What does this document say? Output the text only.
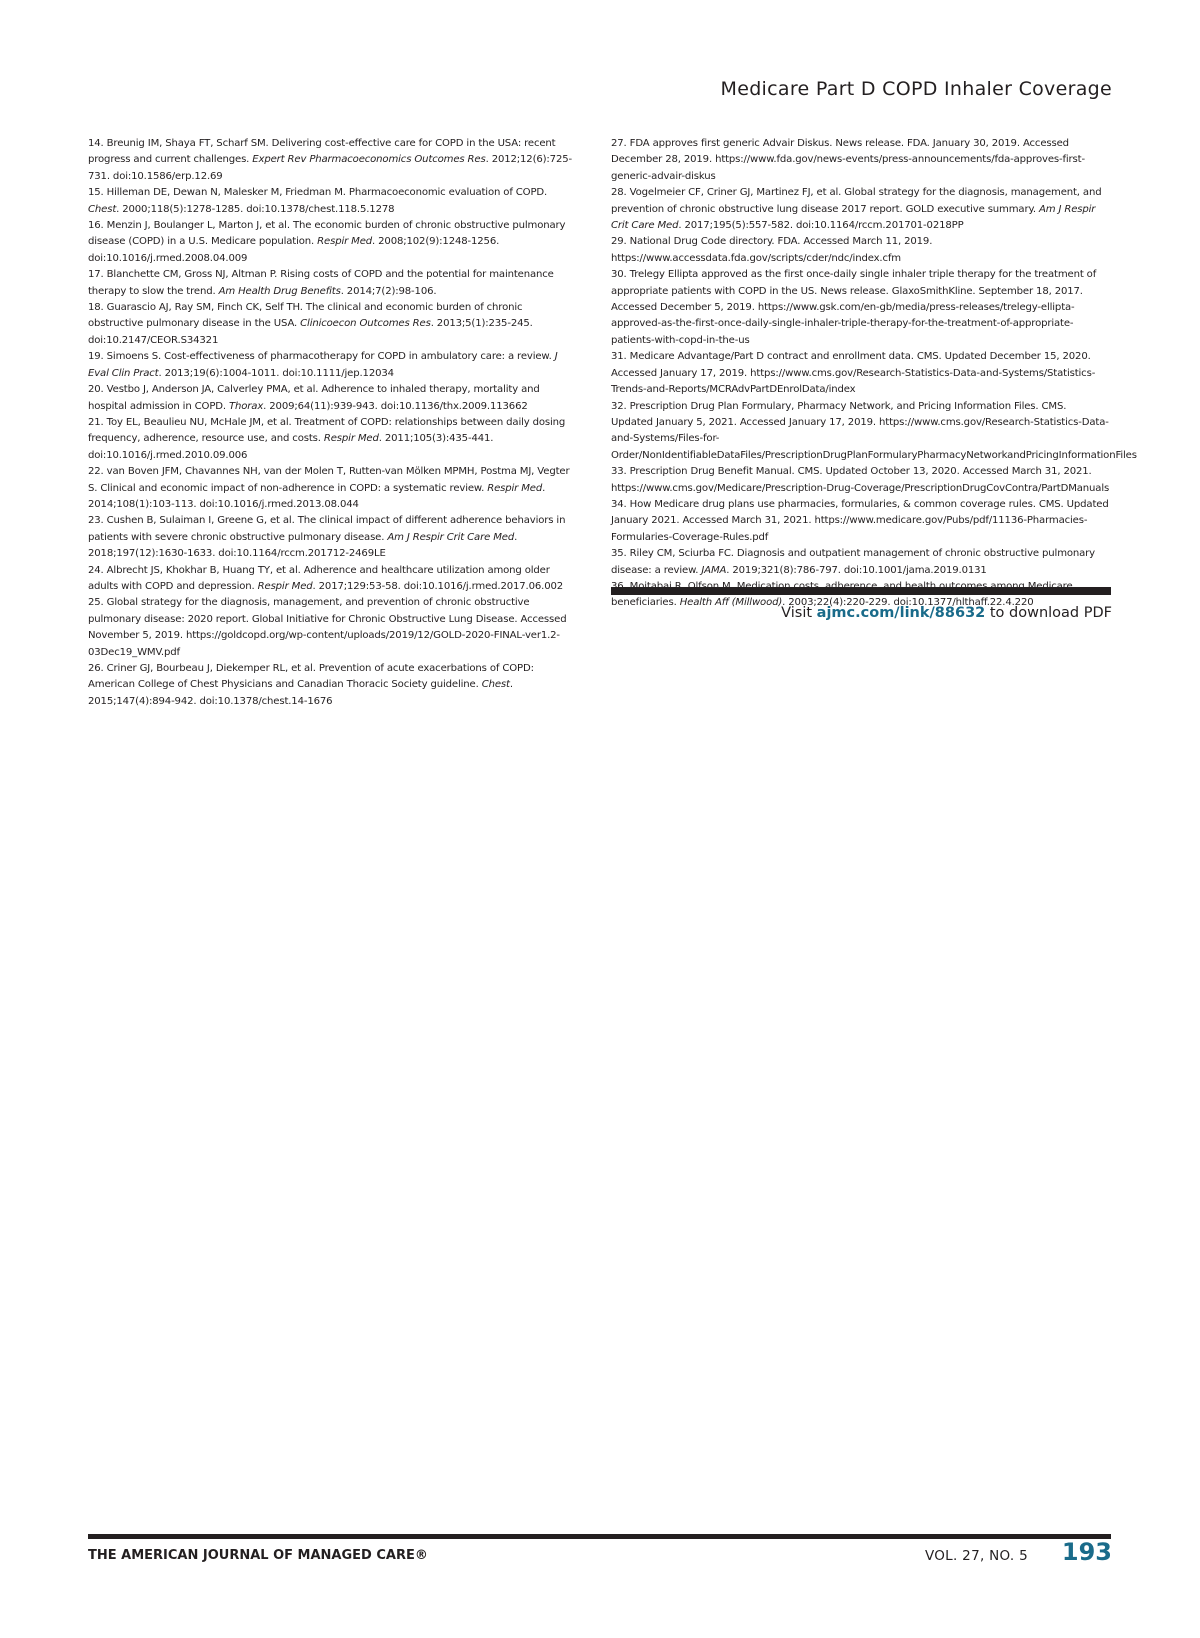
Medicare Part D COPD Inhaler Coverage

14. Breunig IM, Shaya FT, Scharf SM. Delivering cost-effective care for COPD in the USA: recent progress and current challenges. Expert Rev Pharmacoeconomics Outcomes Res. 2012;12(6):725-731. doi:10.1586/erp.12.69

15. Hilleman DE, Dewan N, Malesker M, Friedman M. Pharmacoeconomic evaluation of COPD. Chest. 2000;118(5):1278-1285. doi:10.1378/chest.118.5.1278

16. Menzin J, Boulanger L, Marton J, et al. The economic burden of chronic obstructive pulmonary disease (COPD) in a U.S. Medicare population. Respir Med. 2008;102(9):1248-1256. doi:10.1016/j.rmed.2008.04.009

17. Blanchette CM, Gross NJ, Altman P. Rising costs of COPD and the potential for maintenance therapy to slow the trend. Am Health Drug Benefits. 2014;7(2):98-106.

18. Guarascio AJ, Ray SM, Finch CK, Self TH. The clinical and economic burden of chronic obstructive pulmonary disease in the USA. Clinicoecon Outcomes Res. 2013;5(1):235-245. doi:10.2147/CEOR.S34321

19. Simoens S. Cost-effectiveness of pharmacotherapy for COPD in ambulatory care: a review. J Eval Clin Pract. 2013;19(6):1004-1011. doi:10.1111/jep.12034

20. Vestbo J, Anderson JA, Calverley PMA, et al. Adherence to inhaled therapy, mortality and hospital admission in COPD. Thorax. 2009;64(11):939-943. doi:10.1136/thx.2009.113662

21. Toy EL, Beaulieu NU, McHale JM, et al. Treatment of COPD: relationships between daily dosing frequency, adherence, resource use, and costs. Respir Med. 2011;105(3):435-441. doi:10.1016/j.rmed.2010.09.006

22. van Boven JFM, Chavannes NH, van der Molen T, Rutten-van Mölken MPMH, Postma MJ, Vegter S. Clinical and economic impact of non-adherence in COPD: a systematic review. Respir Med. 2014;108(1):103-113. doi:10.1016/j.rmed.2013.08.044

23. Cushen B, Sulaiman I, Greene G, et al. The clinical impact of different adherence behaviors in patients with severe chronic obstructive pulmonary disease. Am J Respir Crit Care Med. 2018;197(12):1630-1633. doi:10.1164/rccm.201712-2469LE

24. Albrecht JS, Khokhar B, Huang TY, et al. Adherence and healthcare utilization among older adults with COPD and depression. Respir Med. 2017;129:53-58. doi:10.1016/j.rmed.2017.06.002

25. Global strategy for the diagnosis, management, and prevention of chronic obstructive pulmonary disease: 2020 report. Global Initiative for Chronic Obstructive Lung Disease. Accessed November 5, 2019. https://goldcopd.org/wp-content/uploads/2019/12/GOLD-2020-FINAL-ver1.2-03Dec19_WMV.pdf

26. Criner GJ, Bourbeau J, Diekemper RL, et al. Prevention of acute exacerbations of COPD: American College of Chest Physicians and Canadian Thoracic Society guideline. Chest. 2015;147(4):894-942. doi:10.1378/chest.14-1676

27. FDA approves first generic Advair Diskus. News release. FDA. January 30, 2019. Accessed December 28, 2019. https://www.fda.gov/news-events/press-announcements/fda-approves-first-generic-advair-diskus

28. Vogelmeier CF, Criner GJ, Martinez FJ, et al. Global strategy for the diagnosis, management, and prevention of chronic obstructive lung disease 2017 report. GOLD executive summary. Am J Respir Crit Care Med. 2017;195(5):557-582. doi:10.1164/rccm.201701-0218PP

29. National Drug Code directory. FDA. Accessed March 11, 2019. https://www.accessdata.fda.gov/scripts/cder/ndc/index.cfm

30. Trelegy Ellipta approved as the first once-daily single inhaler triple therapy for the treatment of appropriate patients with COPD in the US. News release. GlaxoSmithKline. September 18, 2017. Accessed December 5, 2019. https://www.gsk.com/en-gb/media/press-releases/trelegy-ellipta-approved-as-the-first-once-daily-single-inhaler-triple-therapy-for-the-treatment-of-appropriate-patients-with-copd-in-the-us

31. Medicare Advantage/Part D contract and enrollment data. CMS. Updated December 15, 2020. Accessed January 17, 2019. https://www.cms.gov/Research-Statistics-Data-and-Systems/Statistics-Trends-and-Reports/MCRAdvPartDEnrolData/index

32. Prescription Drug Plan Formulary, Pharmacy Network, and Pricing Information Files. CMS. Updated January 5, 2021. Accessed January 17, 2019. https://www.cms.gov/Research-Statistics-Data-and-Systems/Files-for-Order/NonIdentifiableDataFiles/PrescriptionDrugPlanFormularyPharmacyNetworkandPricingInformationFiles

33. Prescription Drug Benefit Manual. CMS. Updated October 13, 2020. Accessed March 31, 2021. https://www.cms.gov/Medicare/Prescription-Drug-Coverage/PrescriptionDrugCovContra/PartDManuals

34. How Medicare drug plans use pharmacies, formularies, & common coverage rules. CMS. Updated January 2021. Accessed March 31, 2021. https://www.medicare.gov/Pubs/pdf/11136-Pharmacies-Formularies-Coverage-Rules.pdf

35. Riley CM, Sciurba FC. Diagnosis and outpatient management of chronic obstructive pulmonary disease: a review. JAMA. 2019;321(8):786-797. doi:10.1001/jama.2019.0131

beneficiaries. Health Aff (Millwood). 2003;22(4):220-229. doi:10.1377/hlthaff.22.4.220

Visit ajmc.com/link/88632 to download PDF
THE AMERICAN JOURNAL OF MANAGED CARE®	VOL. 27, NO. 5 193
